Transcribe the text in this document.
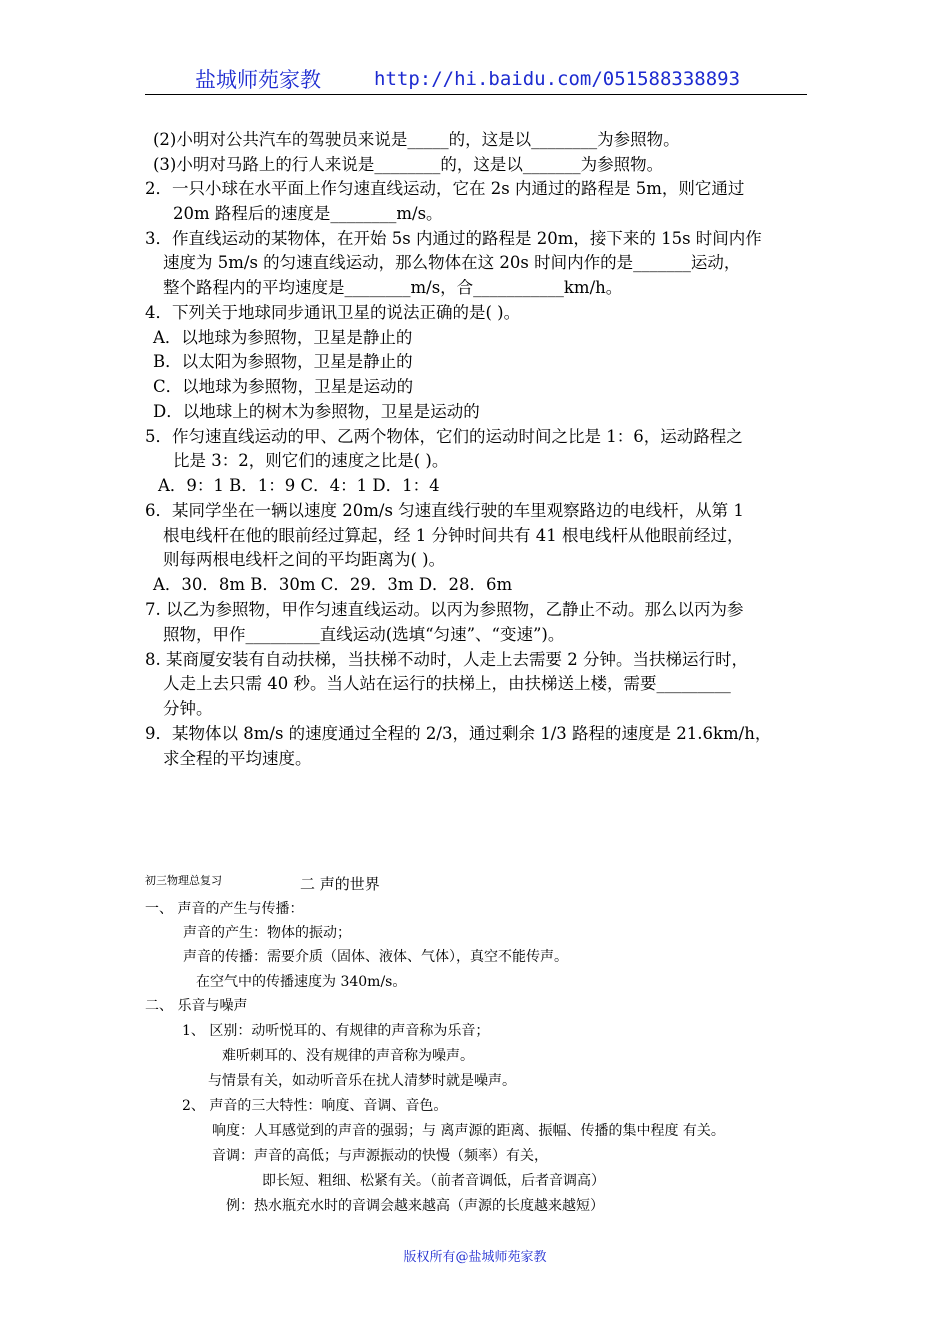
盐城师苑家教	http://hi.baidu.com/051588338893
(2)小明对公共汽车的驾驶员来说是_____的，这是以________为参照物。
(3)小明对马路上的行人来说是________的，这是以_______为参照物。
2．一只小球在水平面上作匀速直线运动，它在 2s 内通过的路程是 5m，则它通过
20m 路程后的速度是________m/s。
3．作直线运动的某物体，在开始 5s 内通过的路程是 20m，接下来的 15s 时间内作
速度为 5m/s 的匀速直线运动，那么物体在这 20s 时间内作的是_______运动，
整个路程内的平均速度是________m/s，合___________km/h。
4．下列关于地球同步通讯卫星的说法正确的是( )。
A．以地球为参照物，卫星是静止的
B．以太阳为参照物，卫星是静止的
C．以地球为参照物，卫星是运动的
D．以地球上的树木为参照物，卫星是运动的
5．作匀速直线运动的甲、乙两个物体，它们的运动时间之比是 1：6，运动路程之
比是 3：2，则它们的速度之比是( )。
A．9：1 B．1：9 C．4：1 D．1：4
6．某同学坐在一辆以速度 20m/s 匀速直线行驶的车里观察路边的电线杆，从第 1
根电线杆在他的眼前经过算起，经 1 分钟时间共有 41 根电线杆从他眼前经过，
则每两根电线杆之间的平均距离为( )。
A．30．8m B．30m C．29．3m D．28．6m
7. 以乙为参照物，甲作匀速直线运动。以丙为参照物，乙静止不动。那么以丙为参
照物，甲作_________直线运动(选填“匀速”、“变速”)。
8. 某商厦安装有自动扶梯，当扶梯不动时，人走上去需要 2 分钟。当扶梯运行时，
人走上去只需 40 秒。当人站在运行的扶梯上，由扶梯送上楼，需要_________
分钟。
9．某物体以 8m/s 的速度通过全程的 2/3，通过剩余 1/3 路程的速度是 21.6km/h，
求全程的平均速度。
初三物理总复习	二 声的世界
一、 声音的产生与传播：
声音的产生：物体的振动；
声音的传播：需要介质（固体、液体、气体），真空不能传声。
在空气中的传播速度为 340m/s。
二、 乐音与噪声
1、 区别：动听悦耳的、有规律的声音称为乐音；
难听刺耳的、没有规律的声音称为噪声。
与情景有关，如动听音乐在扰人清梦时就是噪声。
2、 声音的三大特性：响度、音调、音色。
响度：人耳感觉到的声音的强弱；与 离声源的距离、振幅、传播的集中程度 有关。
音调：声音的高低；与声源振动的快慢（频率）有关，
即长短、粗细、松紧有关。（前者音调低，后者音调高）
例：热水瓶充水时的音调会越来越高（声源的长度越来越短）
版权所有@盐城师苑家教
